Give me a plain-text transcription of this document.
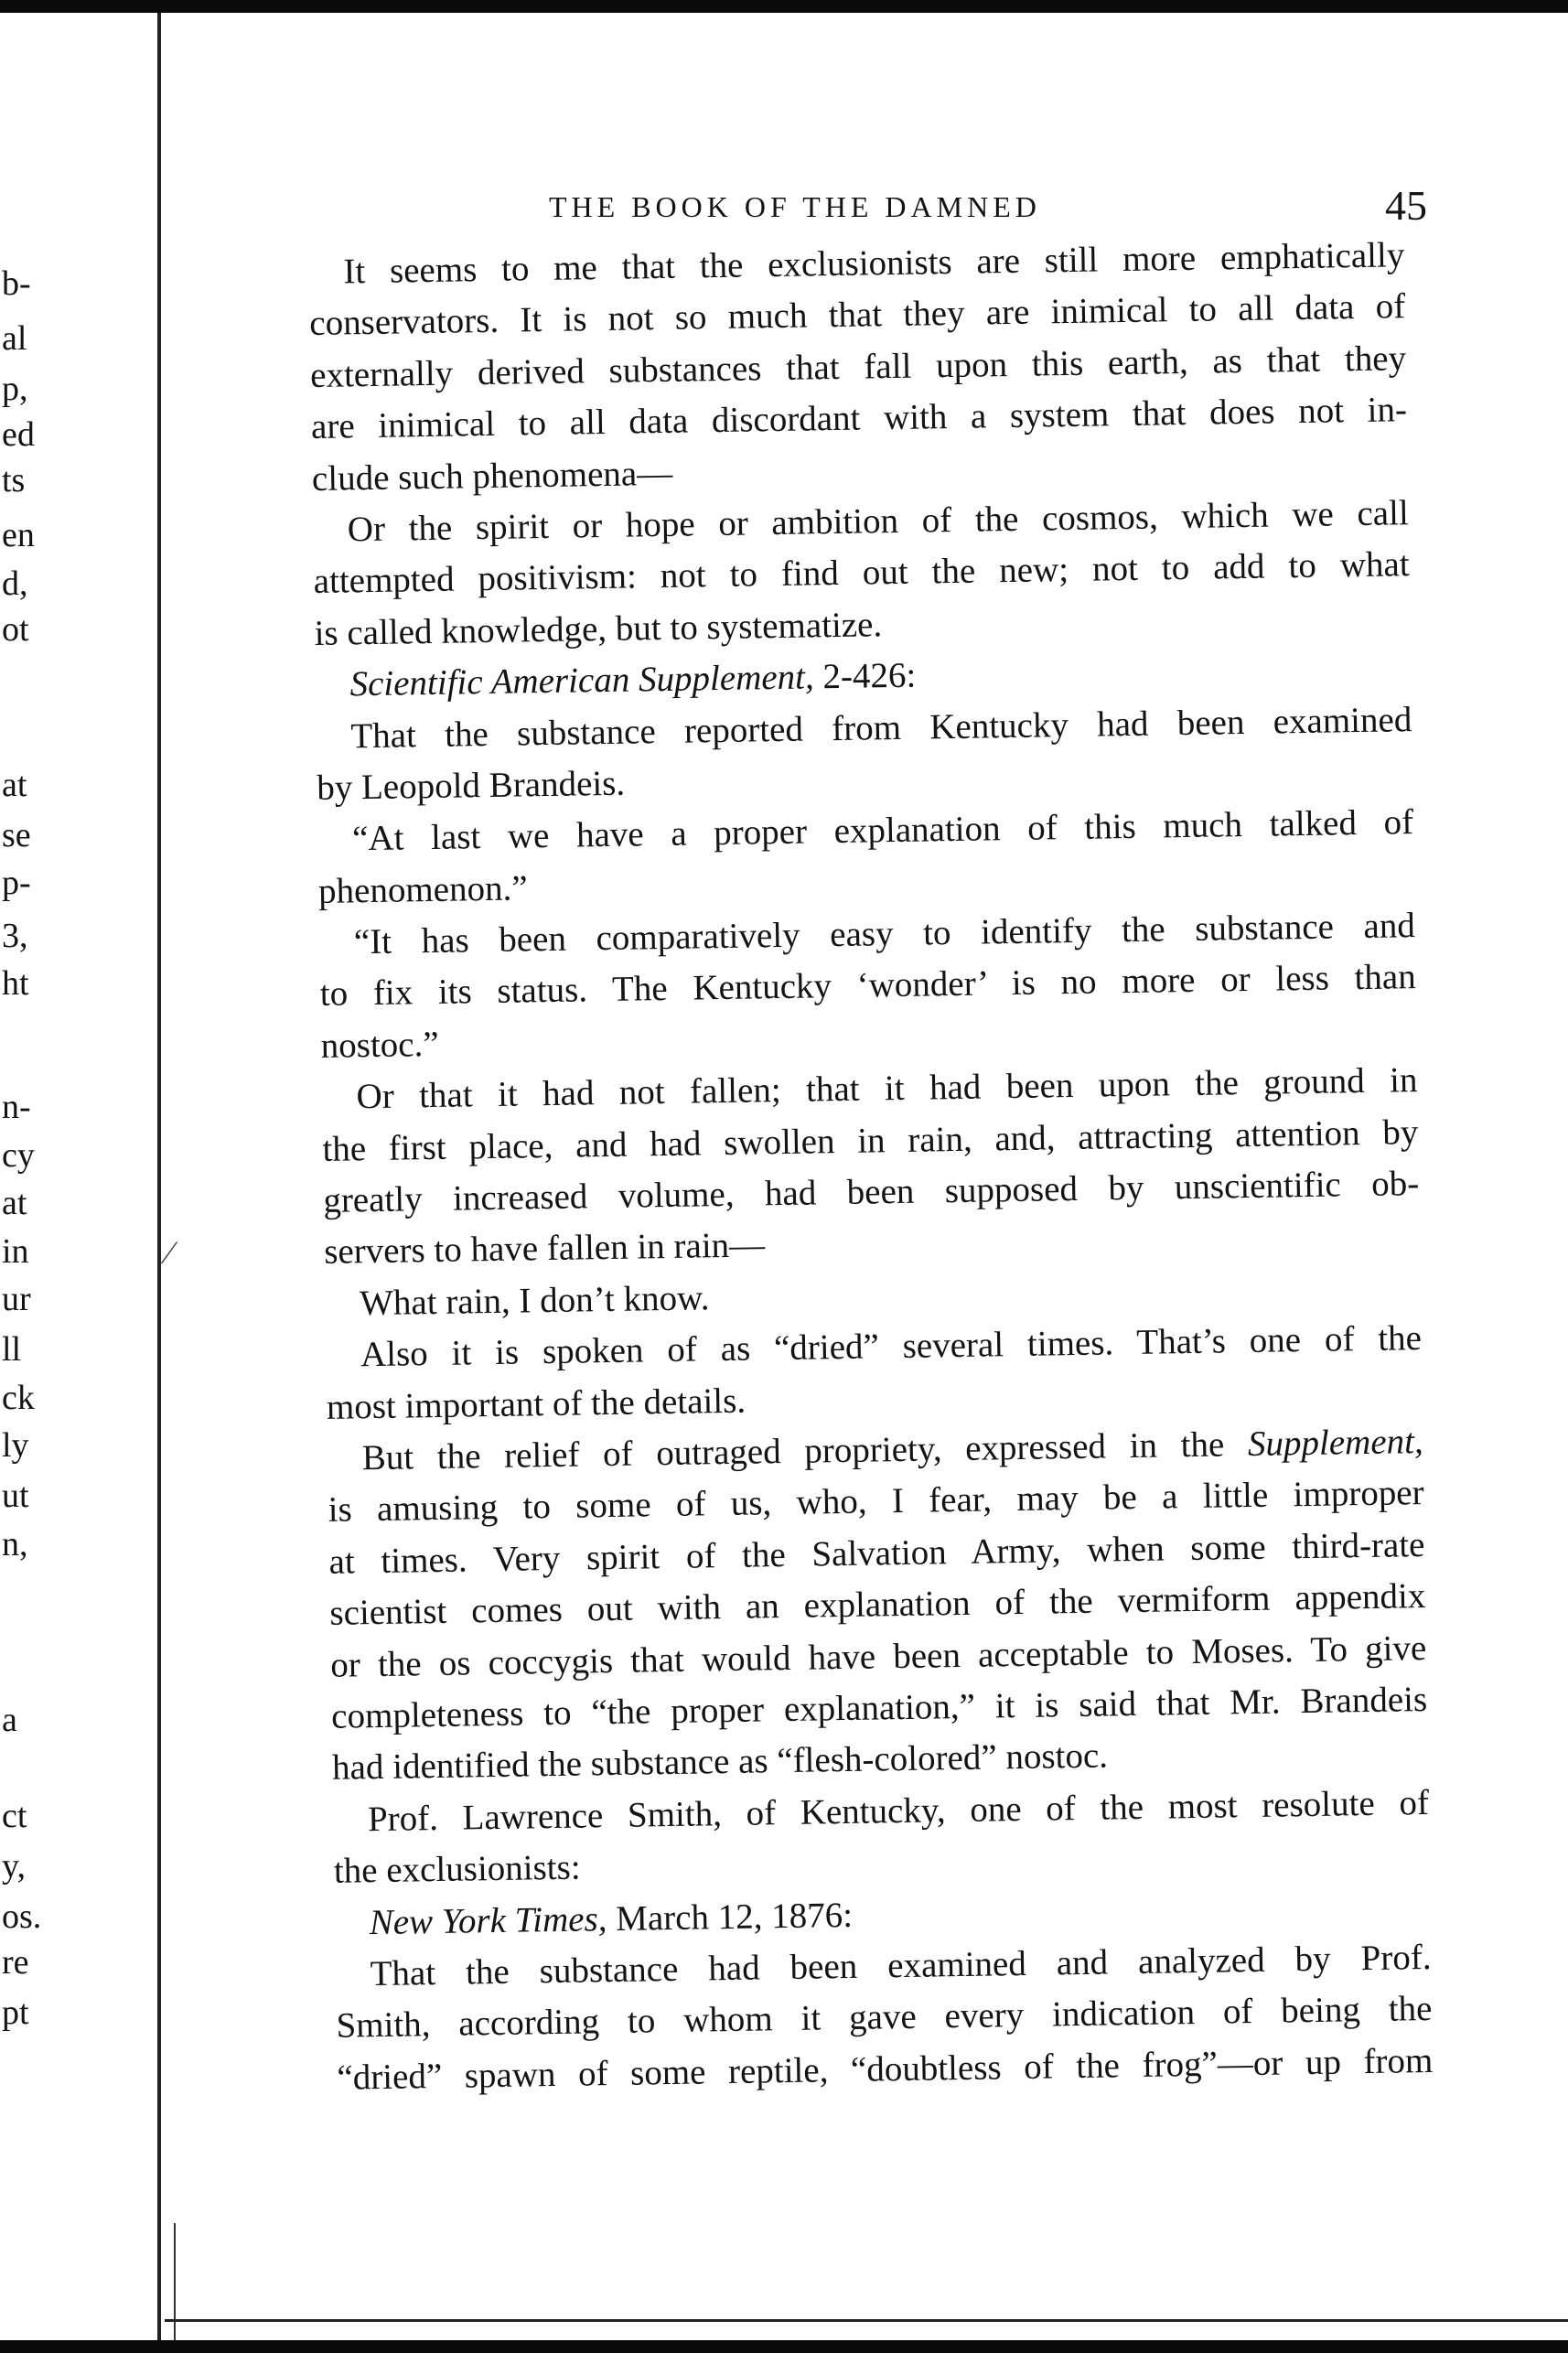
b-
al
p,
ed
ts
en
d,
ot
at
se
p-
3,
ht
n-
cy
at
in
ur
ll
ck
ly
ut
n,
a
ct
y,
os.
re
pt
THE BOOK OF THE DAMNED	45
⁄
It seems to me that the exclusionists are still more emphatically
conservators. It is not so much that they are inimical to all data of
externally derived substances that fall upon this earth, as that they
are inimical to all data discordant with a system that does not in-
clude such phenomena—
Or the spirit or hope or ambition of the cosmos, which we call
attempted positivism: not to find out the new; not to add to what
is called knowledge, but to systematize.
Scientific American Supplement, 2-426:
That the substance reported from Kentucky had been examined
by Leopold Brandeis.
“At last we have a proper explanation of this much talked of
phenomenon.”
“It has been comparatively easy to identify the substance and
to fix its status. The Kentucky ‘wonder’ is no more or less than
nostoc.”
Or that it had not fallen; that it had been upon the ground in
the first place, and had swollen in rain, and, attracting attention by
greatly increased volume, had been supposed by unscientific ob-
servers to have fallen in rain—
What rain, I don’t know.
Also it is spoken of as “dried” several times. That’s one of the
most important of the details.
But the relief of outraged propriety, expressed in the Supplement,
is amusing to some of us, who, I fear, may be a little improper
at times. Very spirit of the Salvation Army, when some third-rate
scientist comes out with an explanation of the vermiform appendix
or the os coccygis that would have been acceptable to Moses. To give
completeness to “the proper explanation,” it is said that Mr. Brandeis
had identified the substance as “flesh-colored” nostoc.
Prof. Lawrence Smith, of Kentucky, one of the most resolute of
the exclusionists:
New York Times, March 12, 1876:
That the substance had been examined and analyzed by Prof.
Smith, according to whom it gave every indication of being the
“dried” spawn of some reptile, “doubtless of the frog”—or up from
